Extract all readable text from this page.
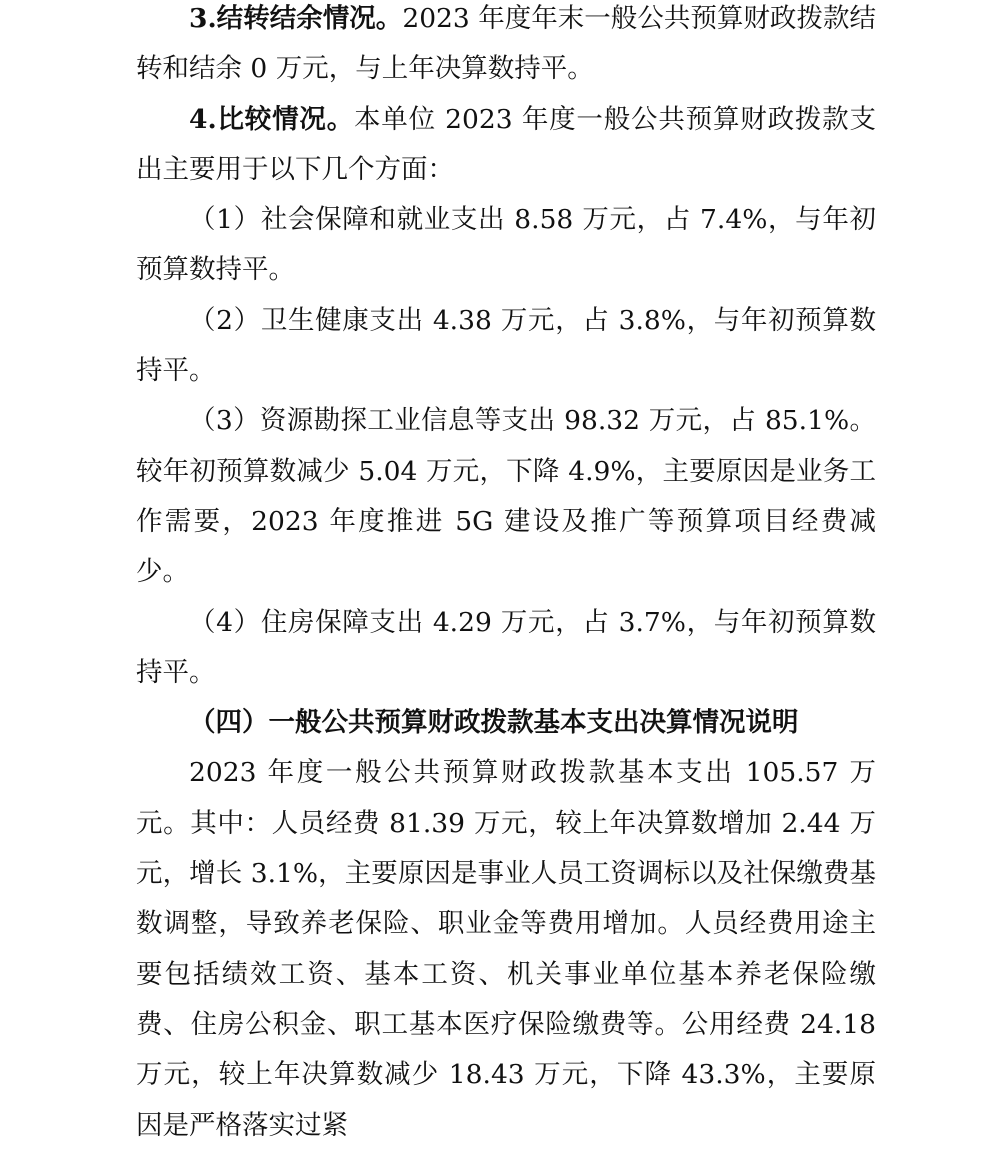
3.结转结余情况。2023 年度年末一般公共预算财政拨款结转和结余 0 万元，与上年决算数持平。

4.比较情况。本单位 2023 年度一般公共预算财政拨款支出主要用于以下几个方面：

（1）社会保障和就业支出 8.58 万元，占 7.4%，与年初预算数持平。

（2）卫生健康支出 4.38 万元，占 3.8%，与年初预算数持平。

（3）资源勘探工业信息等支出 98.32 万元，占 85.1%。较年初预算数减少 5.04 万元，下降 4.9%，主要原因是业务工作需要，2023 年度推进 5G 建设及推广等预算项目经费减少。

（4）住房保障支出 4.29 万元，占 3.7%，与年初预算数持平。

（四）一般公共预算财政拨款基本支出决算情况说明

2023 年度一般公共预算财政拨款基本支出 105.57 万元。其中：人员经费 81.39 万元，较上年决算数增加 2.44 万元，增长 3.1%，主要原因是事业人员工资调标以及社保缴费基数调整，导致养老保险、职业金等费用增加。人员经费用途主要包括绩效工资、基本工资、机关事业单位基本养老保险缴费、住房公积金、职工基本医疗保险缴费等。公用经费 24.18 万元，较上年决算数减少 18.43 万元，下降 43.3%，主要原因是严格落实过紧
